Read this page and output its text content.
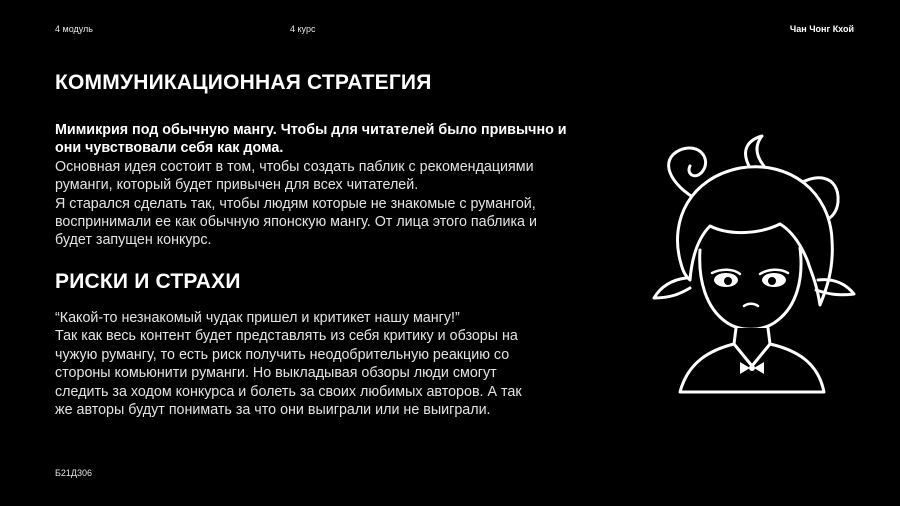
4 модуль	4 курс	Чан Чонг Кхой
КОММУНИКАЦИОННАЯ СТРАТЕГИЯ
Мимикрия под обычную мангу. Чтобы для читателей было привычно и
они чувствовали себя как дома.
Основная идея состоит в том, чтобы создать паблик с рекомендациями
руманги, который будет привычен для всех читателей.
Я старался сделать так, чтобы людям которые не знакомые с румангой,
воспринимали ее как обычную японскую мангу. От лица этого паблика и
будет запущен конкурс.
РИСКИ И СТРАХИ
“Какой-то незнакомый чудак пришел и критикет нашу мангу!”
Так как весь контент будет представлять из себя критику и обзоры на
чужую румангу, то есть риск получить неодобрительную реакцию со
стороны комьюнити руманги. Но выкладывая обзоры люди смогут
следить за ходом конкурса и болеть за своих любимых авторов. А так
же авторы будут понимать за что они выиграли или не выиграли.
Б21Д306
